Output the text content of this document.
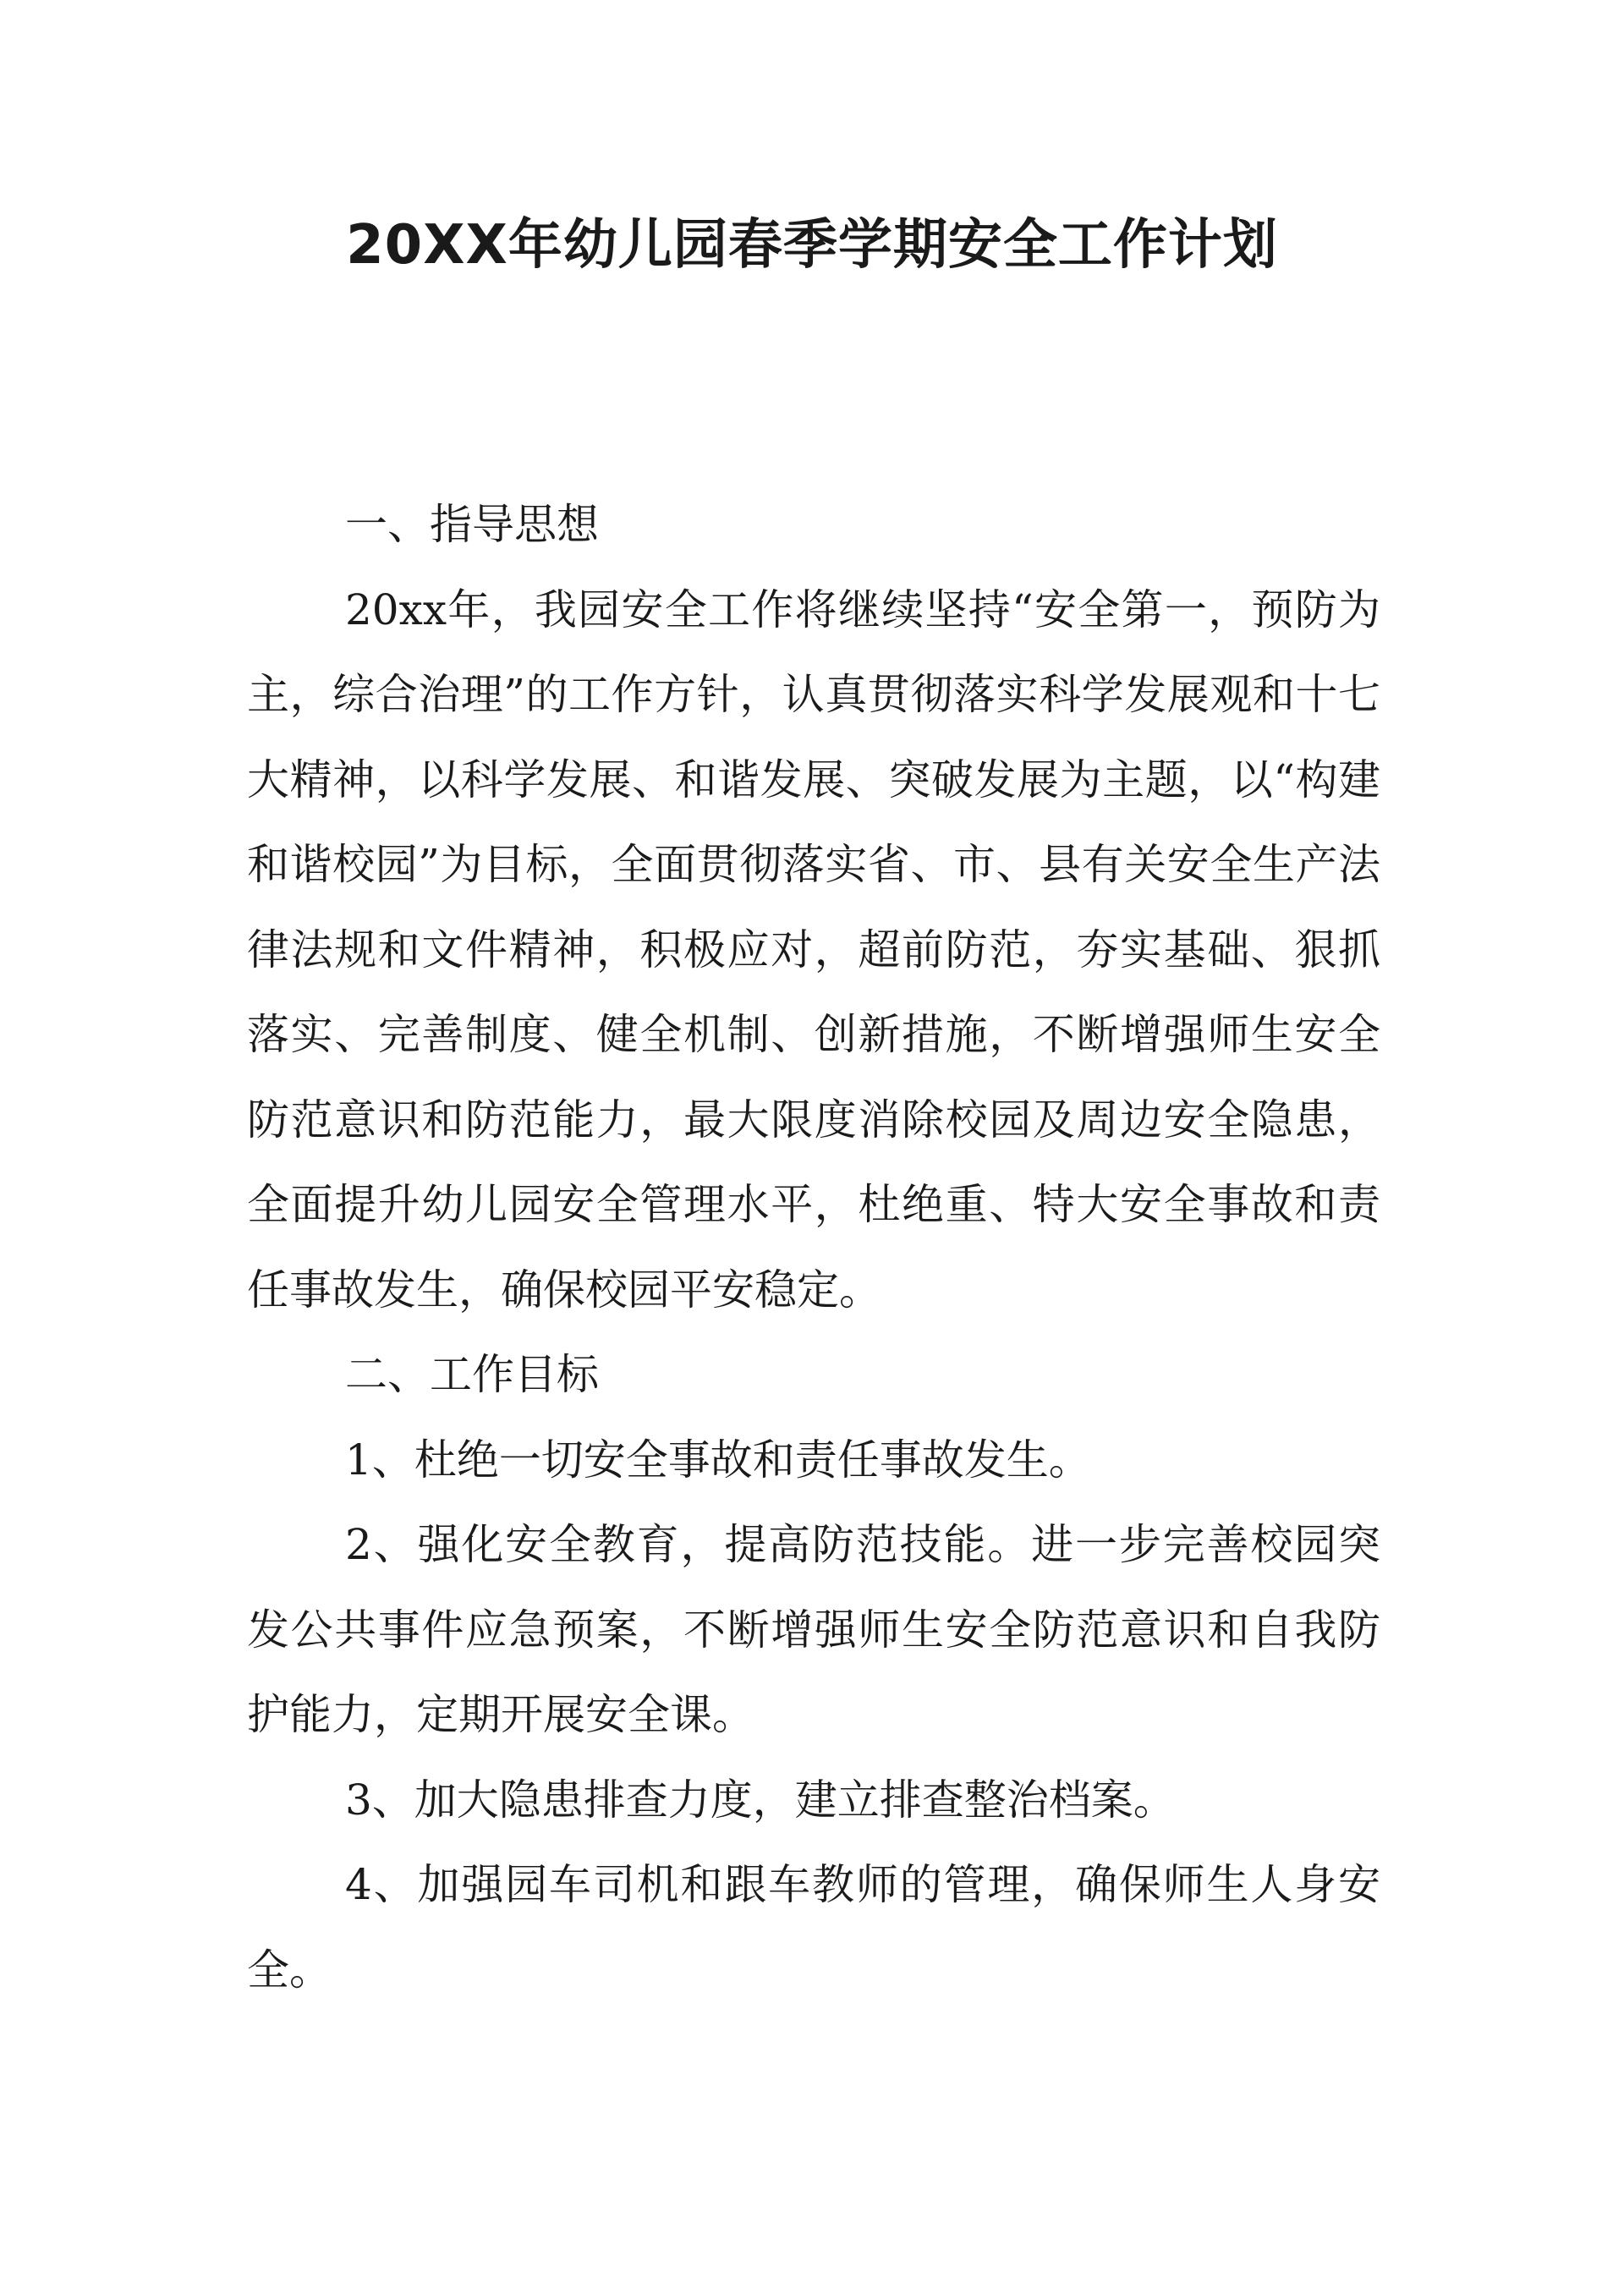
20XX年幼儿园春季学期安全工作计划

一、指导思想

20xx年，我园安全工作将继续坚持“安全第一，预防为主，综合治理”的工作方针，认真贯彻落实科学发展观和十七大精神，以科学发展、和谐发展、突破发展为主题，以“构建和谐校园”为目标，全面贯彻落实省、市、县有关安全生产法律法规和文件精神，积极应对，超前防范，夯实基础、狠抓落实、完善制度、健全机制、创新措施，不断增强师生安全防范意识和防范能力，最大限度消除校园及周边安全隐患，全面提升幼儿园安全管理水平，杜绝重、特大安全事故和责任事故发生，确保校园平安稳定。

二、工作目标

1、杜绝一切安全事故和责任事故发生。

2、强化安全教育，提高防范技能。进一步完善校园突发公共事件应急预案，不断增强师生安全防范意识和自我防护能力，定期开展安全课。

3、加大隐患排查力度，建立排查整治档案。

4、加强园车司机和跟车教师的管理，确保师生人身安全。
